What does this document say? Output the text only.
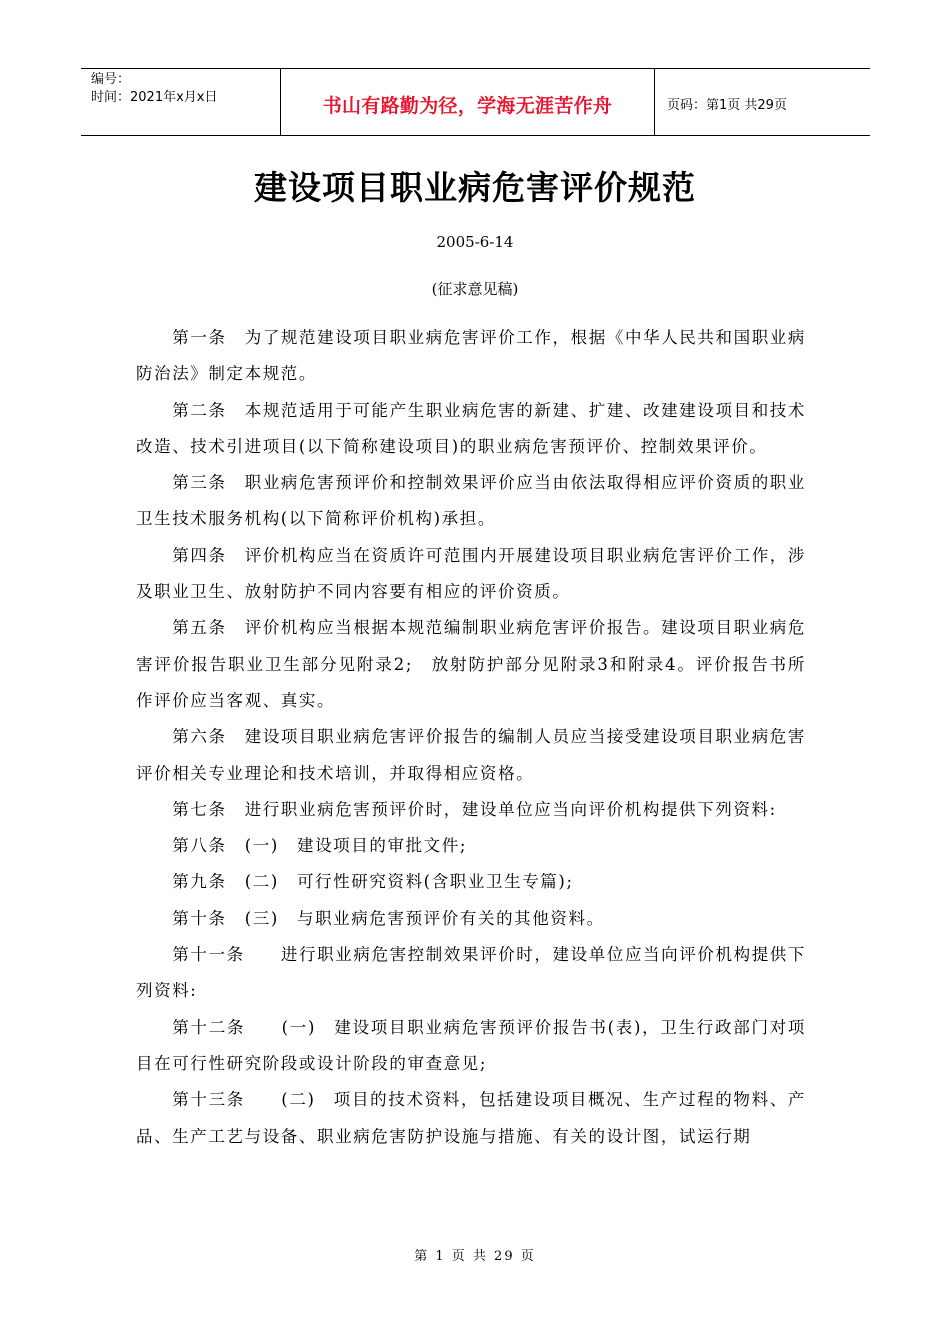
编号：
时间：2021年x月x日	书山有路勤为径，学海无涯苦作舟	页码：第1页 共29页
建设项目职业病危害评价规范
2005-6-14
(征求意见稿)

第一条　为了规范建设项目职业病危害评价工作，根据《中华人民共和国职业病防治法》制定本规范。

第二条　本规范适用于可能产生职业病危害的新建、扩建、改建建设项目和技术改造、技术引进项目(以下简称建设项目)的职业病危害预评价、控制效果评价。

第三条　职业病危害预评价和控制效果评价应当由依法取得相应评价资质的职业卫生技术服务机构(以下简称评价机构)承担。

第四条　评价机构应当在资质许可范围内开展建设项目职业病危害评价工作，涉及职业卫生、放射防护不同内容要有相应的评价资质。

第五条　评价机构应当根据本规范编制职业病危害评价报告。建设项目职业病危害评价报告职业卫生部分见附录2;　放射防护部分见附录3和附录4。评价报告书所作评价应当客观、真实。

第六条　建设项目职业病危害评价报告的编制人员应当接受建设项目职业病危害评价相关专业理论和技术培训，并取得相应资格。

第七条　进行职业病危害预评价时，建设单位应当向评价机构提供下列资料:

第八条　(一)　建设项目的审批文件;

第九条　(二)　可行性研究资料(含职业卫生专篇);

第十条　(三)　与职业病危害预评价有关的其他资料。

第十一条　　进行职业病危害控制效果评价时，建设单位应当向评价机构提供下列资料:

第十二条　　(一)　建设项目职业病危害预评价报告书(表)，卫生行政部门对项目在可行性研究阶段或设计阶段的审查意见;

第十三条　　(二)　项目的技术资料，包括建设项目概况、生产过程的物料、产品、生产工艺与设备、职业病危害防护设施与措施、有关的设计图，试运行期

第 1 页 共 29 页
